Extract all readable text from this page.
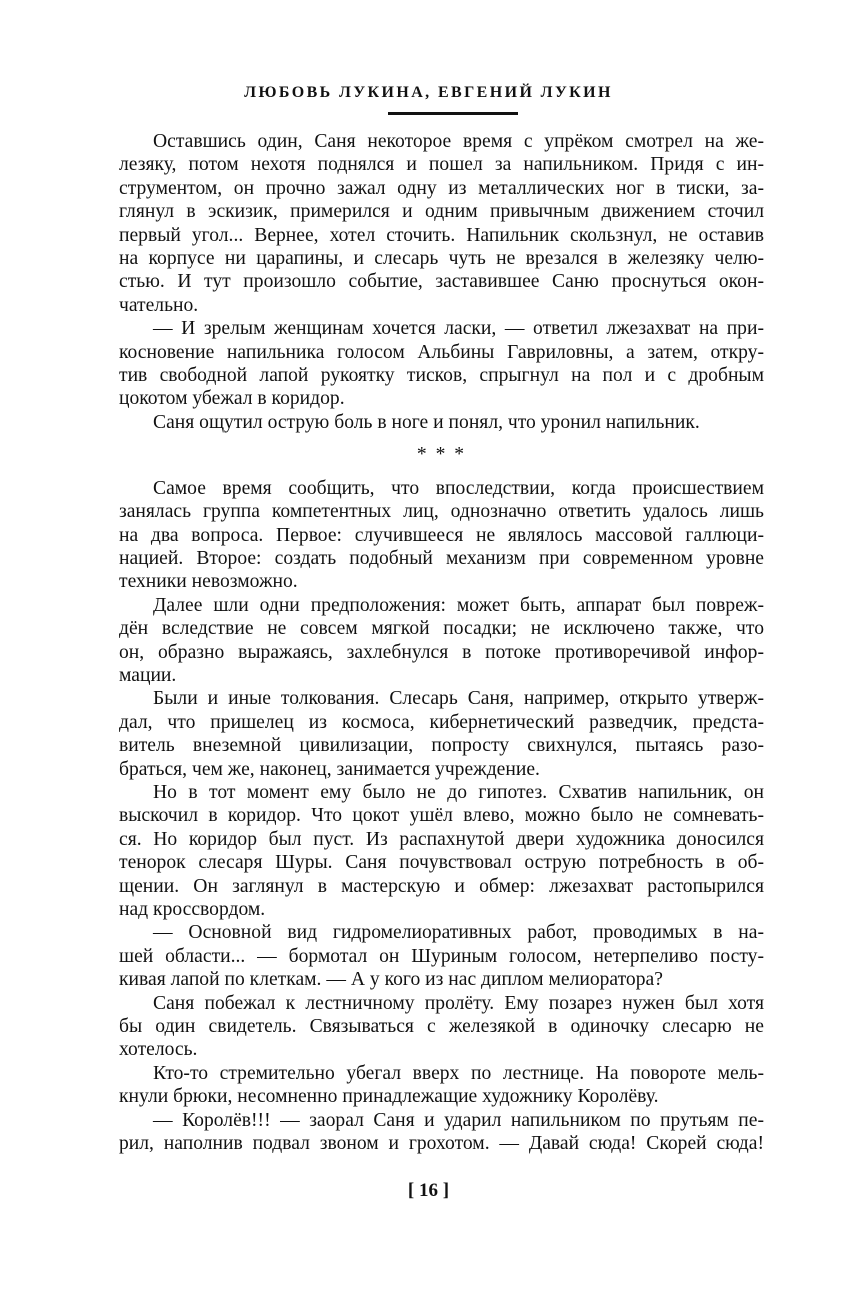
ЛЮБОВЬ ЛУКИНА, ЕВГЕНИЙ ЛУКИН
Оставшись один, Саня некоторое время с упрёком смотрел на же-
лезяку, потом нехотя поднялся и пошел за напильником. Придя с ин-
струментом, он прочно зажал одну из металлических ног в тиски, за-
глянул в эскизик, примерился и одним привычным движением сточил
первый угол... Вернее, хотел сточить. Напильник скользнул, не оставив
на корпусе ни царапины, и слесарь чуть не врезался в железяку челю-
стью. И тут произошло событие, заставившее Саню проснуться окон-
чательно.
— И зрелым женщинам хочется ласки, — ответил лжезахват на при-
косновение напильника голосом Альбины Гавриловны, а затем, откру-
тив свободной лапой рукоятку тисков, спрыгнул на пол и с дробным
цокотом убежал в коридор.
Саня ощутил острую боль в ноге и понял, что уронил напильник.
* * *
Самое время сообщить, что впоследствии, когда происшествием
занялась группа компетентных лиц, однозначно ответить удалось лишь
на два вопроса. Первое: случившееся не являлось массовой галлюци-
нацией. Второе: создать подобный механизм при современном уровне
техники невозможно.
Далее шли одни предположения: может быть, аппарат был повреж-
дён вследствие не совсем мягкой посадки; не исключено также, что
он, образно выражаясь, захлебнулся в потоке противоречивой инфор-
мации.
Были и иные толкования. Слесарь Саня, например, открыто утверж-
дал, что пришелец из космоса, кибернетический разведчик, предста-
витель внеземной цивилизации, попросту свихнулся, пытаясь разо-
браться, чем же, наконец, занимается учреждение.
Но в тот момент ему было не до гипотез. Схватив напильник, он
выскочил в коридор. Что цокот ушёл влево, можно было не сомневать-
ся. Но коридор был пуст. Из распахнутой двери художника доносился
тенорок слесаря Шуры. Саня почувствовал острую потребность в об-
щении. Он заглянул в мастерскую и обмер: лжезахват растопырился
над кроссвордом.
— Основной вид гидромелиоративных работ, проводимых в на-
шей области... — бормотал он Шуриным голосом, нетерпеливо посту-
кивая лапой по клеткам. — А у кого из нас диплом мелиоратора?
Саня побежал к лестничному пролёту. Ему позарез нужен был хотя
бы один свидетель. Связываться с железякой в одиночку слесарю не
хотелось.
Кто-то стремительно убегал вверх по лестнице. На повороте мель-
кнули брюки, несомненно принадлежащие художнику Королёву.
— Королёв!!! — заорал Саня и ударил напильником по прутьям пе-
рил, наполнив подвал звоном и грохотом. — Давай сюда! Скорей сюда!
[ 16 ]
